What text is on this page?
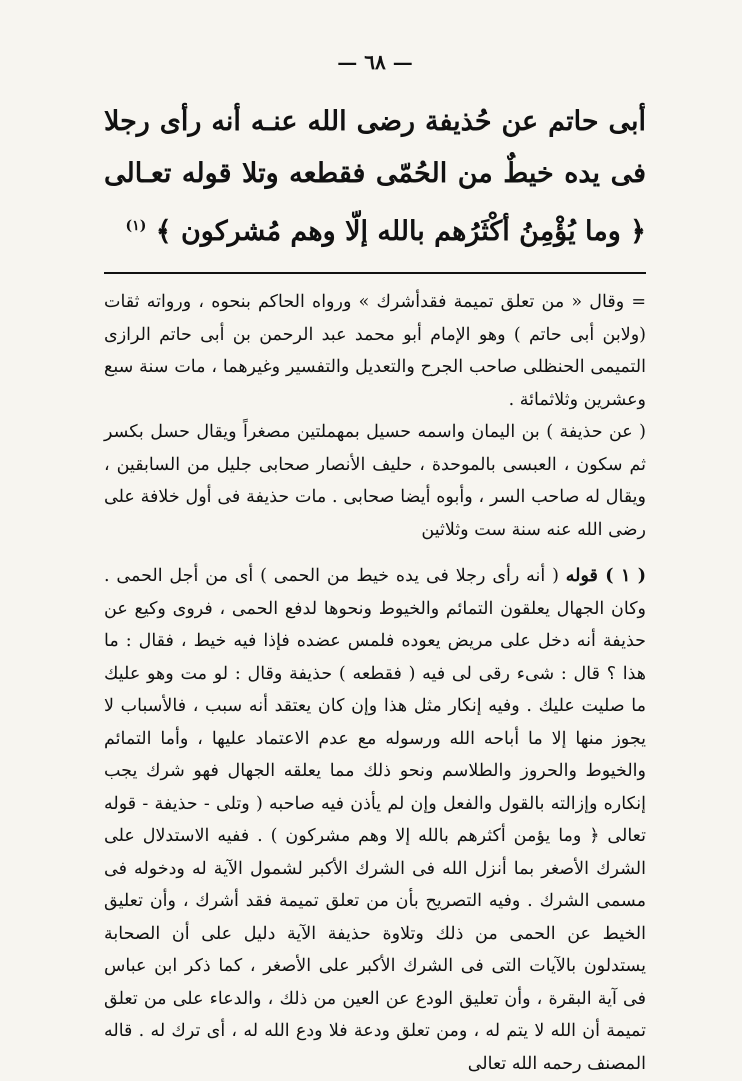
— ٦٨ —

أبى حاتم عن حُذيفة رضى الله عنـه أنه رأى رجلا فى يده خيطٌ من الحُمّى فقطعه وتلا قوله تعـالى ﴿ وما يُؤْمِنُ أكْثَرُهم بالله إلّا وهم مُشركون ﴾ $^{(١)}$

= وقال « من تعلق تميمة فقدأشرك » ورواه الحاكم بنحوه ، ورواته ثقات (ولابن أبى حاتم ) وهو الإمام أبو محمد عبد الرحمن بن أبى حاتم الرازى التميمى الحنظلى صاحب الجرح والتعديل والتفسير وغيرهما ، مات سنة سبع وعشرين وثلاثمائة .

( عن حذيفة ) بن اليمان واسمه حسيل بمهملتين مصغراً ويقال حسل بكسر ثم سكون ، العبسى بالموحدة ، حليف الأنصار صحابى جليل من السابقين ، ويقال له صاحب السر ، وأبوه أيضا صحابى . مات حذيفة فى أول خلافة على رضى الله عنه سنة ست وثلاثين

( ١ ) قوله ( أنه رأى رجلا فى يده خيط من الحمى ) أى من أجل الحمى . وكان الجهال يعلقون التمائم والخيوط ونحوها لدفع الحمى ، فروى وكيع عن حذيفة أنه دخل على مريض يعوده فلمس عضده فإذا فيه خيط ، فقال : ما هذا ؟ قال : شىء رقى لى فيه ( فقطعه ) حذيفة وقال : لو مت وهو عليك ما صليت عليك . وفيه إنكار مثل هذا وإن كان يعتقد أنه سبب ، فالأسباب لا يجوز منها إلا ما أباحه الله ورسوله مع عدم الاعتماد عليها ، وأما التمائم والخيوط والحروز والطلاسم ونحو ذلك مما يعلقه الجهال فهو شرك يجب إنكاره وإزالته بالقول والفعل وإن لم يأذن فيه صاحبه ( وتلى - حذيفة - قوله تعالى ﴿ وما يؤمن أكثرهم بالله إلا وهم مشركون ) . ففيه الاستدلال على الشرك الأصغر بما أنزل الله فى الشرك الأكبر لشمول الآية له ودخوله فى مسمى الشرك . وفيه التصريح بأن من تعلق تميمة فقد أشرك ، وأن تعليق الخيط عن الحمى من ذلك وتلاوة حذيفة الآية دليل على أن الصحابة يستدلون بالآيات التى فى الشرك الأكبر على الأصغر ، كما ذكر ابن عباس فى آية البقرة ، وأن تعليق الودع عن العين من ذلك ، والدعاء على من تعلق تميمة أن الله لا يتم له ، ومن تعلق ودعة فلا ودع الله له ، أى ترك له . قاله المصنف رحمه الله تعالى
